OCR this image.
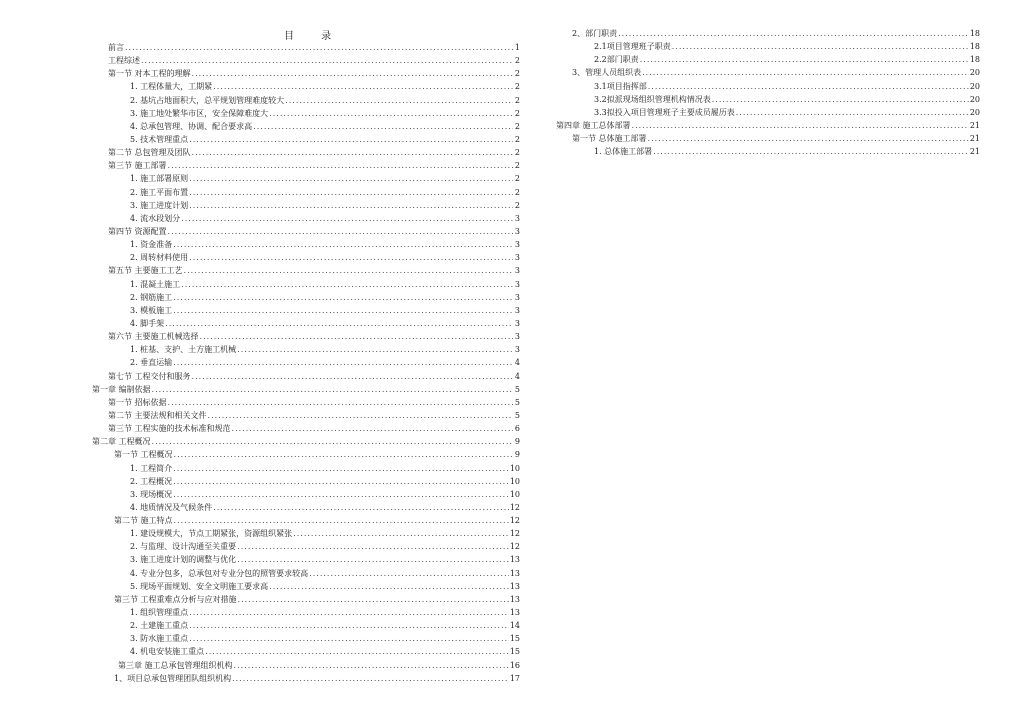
目 录
前言 .....	1
工程综述 .....	2
第一节 对本工程的理解 .....	2
1. 工程体量大，工期紧 .....	2
2. 基坑占地面积大，总平规划管理难度较大 .....	2
3. 施工地处繁华市区，安全保障难度大 .....	2
4. 总承包管理、协调、配合要求高 .....	2
5. 技术管理重点 .....	2
第二节 总包管理及团队 .....	2
第三节 施工部署 .....	2
1. 施工部署原则 .....	2
2. 施工平面布置 .....	2
3. 施工进度计划 .....	2
4. 流水段划分 .....	3
第四节 资源配置 .....	3
1. 资金准备 .....	3
2. 周转材料使用 .....	3
第五节 主要施工工艺 .....	3
1. 混凝土施工 .....	3
2. 钢筋施工 .....	3
3. 模板施工 .....	3
4. 脚手架 .....	3
第六节 主要施工机械选择 .....	3
1. 桩基、支护、土方施工机械 .....	3
2. 垂直运输 .....	4
第七节 工程交付和服务 .....	4
第一章 编制依据 .....	5
第一节 招标依据 .....	5
第二节 主要法规和相关文件 .....	5
第三节 工程实施的技术标准和规范 .....	6
第二章 工程概况 .....	9
第一节 工程概况 .....	9
1. 工程简介 .....	10
2. 工程概况 .....	10
3. 现场概况 .....	10
4. 地质情况及气候条件 .....	12
第二节 施工特点 .....	12
1. 建设规模大，节点工期紧张，资源组织紧张 .....	12
2. 与监理、设计沟通至关重要 .....	12
3. 施工进度计划的调整与优化 .....	13
4. 专业分包多，总承包对专业分包的照管要求较高 .....	13
5. 现场平面规划、安全文明施工要求高 .....	13
第三节 工程重难点分析与应对措施 .....	13
1. 组织管理重点 .....	13
2. 土建施工重点 .....	14
3. 防水施工重点 .....	15
4. 机电安装施工重点 .....	15
第三章 施工总承包管理组织机构 .....	16
1、项目总承包管理团队组织机构 .....	17
2、部门职责 .....	18
2.1项目管理班子职责 .....	18
2.2部门职责 .....	18
3、管理人员组织表 .....	20
3.1项目指挥部 .....	20
3.2拟派现场组织管理机构情况表 .....	20
3.3拟投入项目管理班子主要成员履历表 .....	20
第四章 施工总体部署 .....	21
第一节 总体施工部署 .....	21
1. 总体施工部署 .....	21
